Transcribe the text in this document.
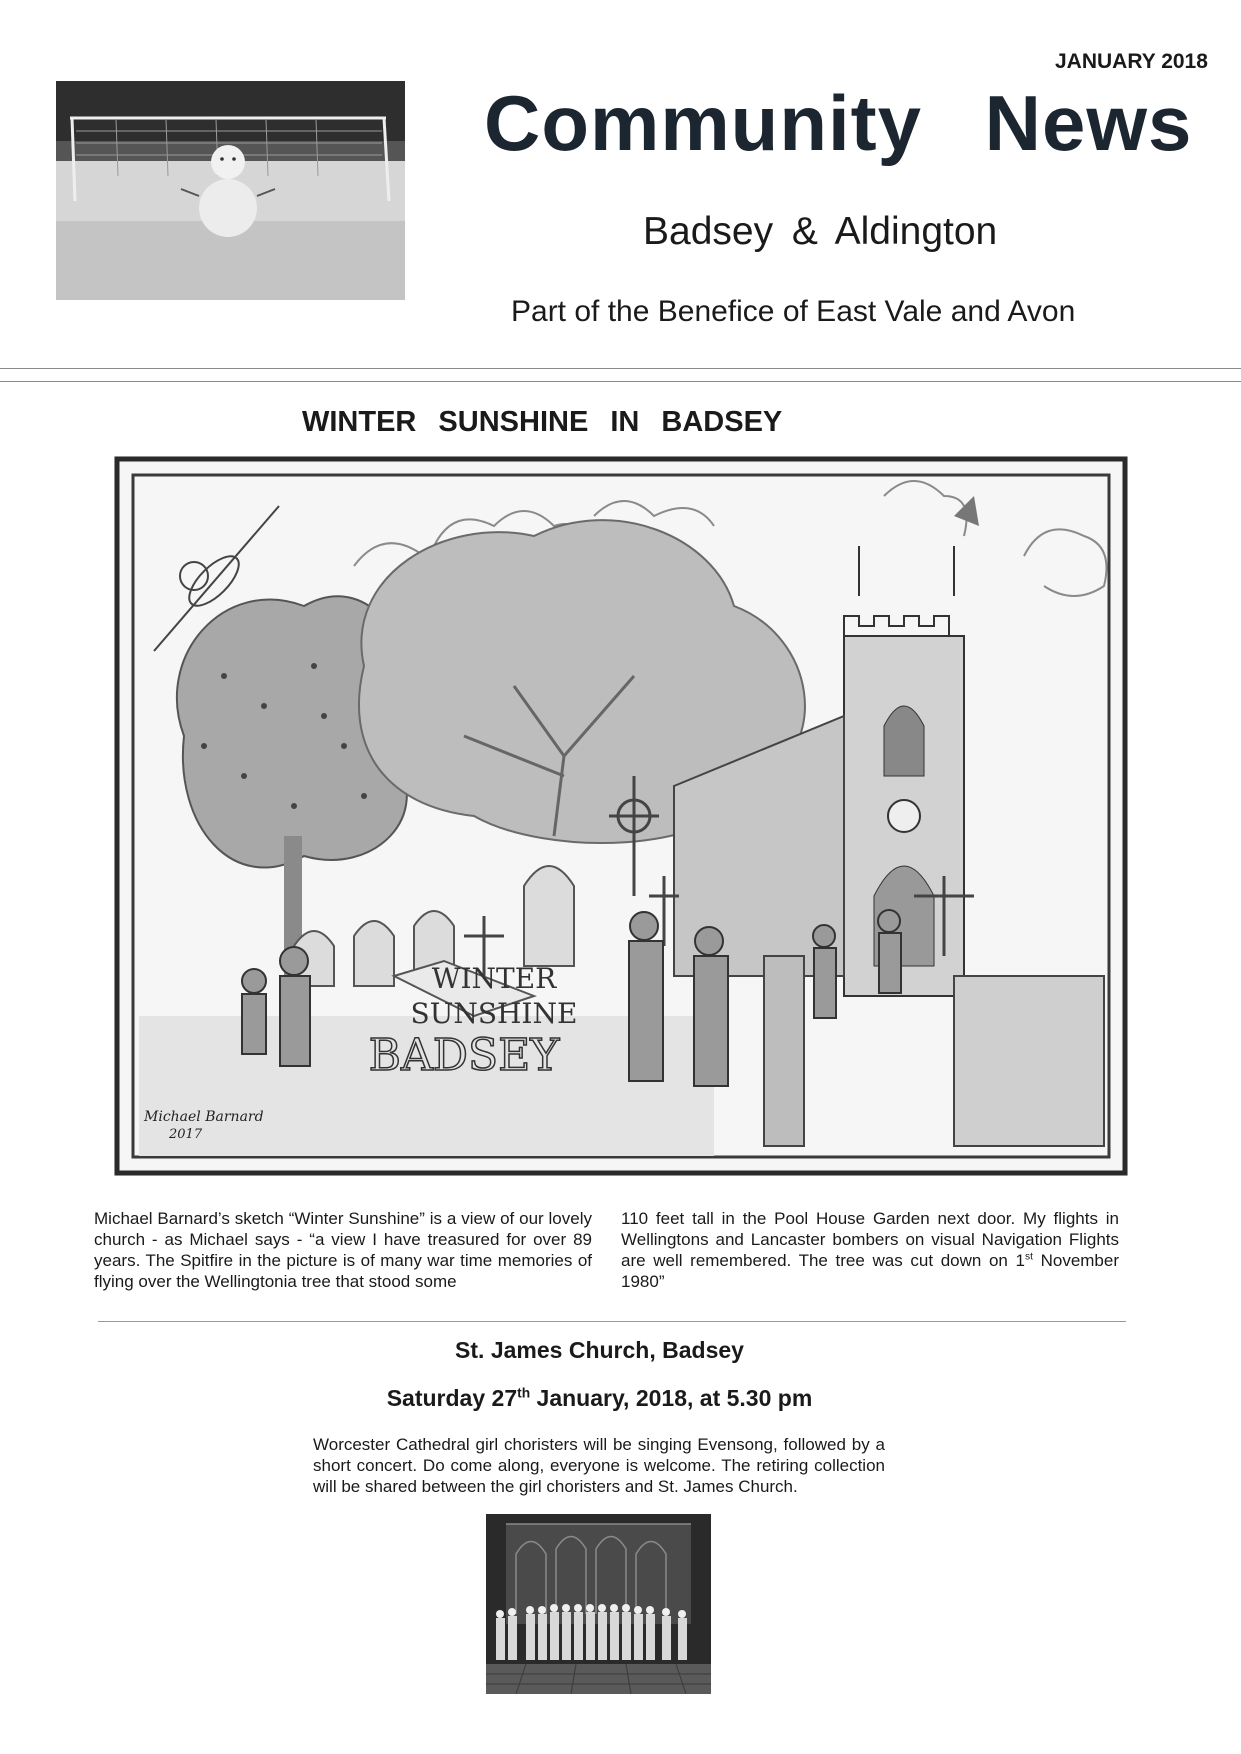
JANUARY 2018
Community News
Badsey & Aldington
Part of the Benefice of East Vale and Avon
WINTER SUNSHINE IN BADSEY
WINTER
SUNSHINE
BADSEY
Michael Barnard
2017
Michael Barnard’s sketch “Winter Sunshine” is a view of our lovely church - as Michael says - “a view I have treasured for over 89 years. The Spitfire in the picture is of many war time memories of flying over the Wellingtonia tree that stood some
110 feet tall in the Pool House Garden next door. My flights in Wellingtons and Lancaster bombers on visual Navigation Flights are well remembered. The tree was cut down on 1st November 1980”
St. James Church, Badsey
Saturday 27th January, 2018, at 5.30 pm
Worcester Cathedral girl choristers will be singing Evensong, followed by a short concert. Do come along, everyone is welcome. The retiring collection will be shared between the girl choristers and St. James Church.
